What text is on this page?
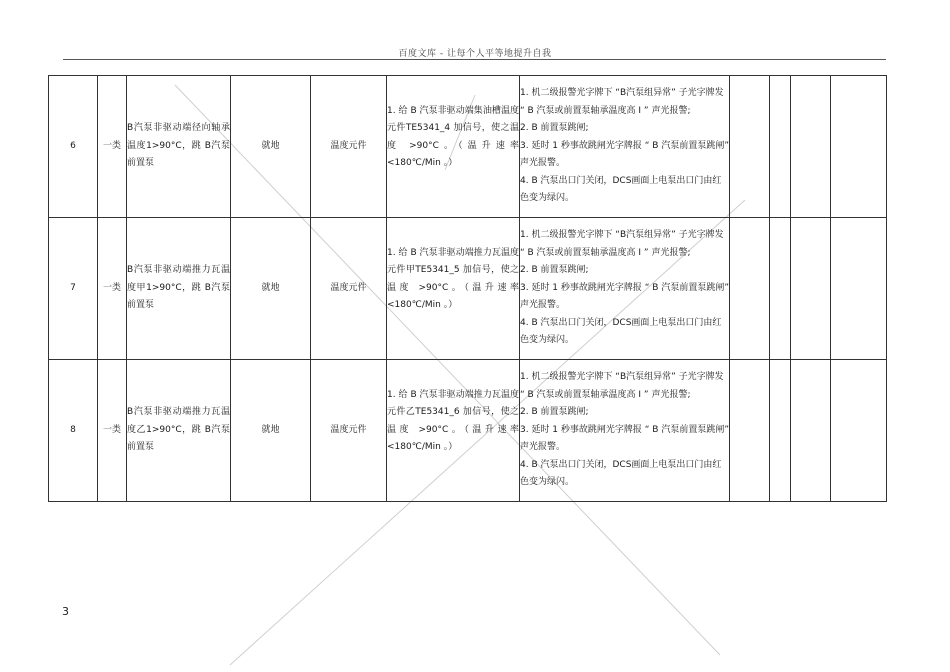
百度文库 - 让每个人平等地提升自我
6	一类	B汽泵非驱动端径向轴承温度1>90°C，跳 B汽泵前置泵	就地	温度元件	1. 给 B 汽泵非驱动端集油槽温度元件TE5341_4 加信号，使之温度 >90°C。（温升速率<180℃/Min 。）	1. 机二级报警光字牌下 “B汽泵组异常” 子光字牌发 “ B 汽泵或前置泵轴承温度高 I ” 声光报警;
2. B 前置泵跳闸;
3. 延时 1 秒事故跳闸光字牌报 “ B 汽泵前置泵跳闸” 声光报警。
4. B 汽泵出口门关闭，DCS画面上电泵出口门由红色变为绿闪。				

7	一类	B汽泵非驱动端推力瓦温度甲1>90°C，跳 B汽泵前置泵	就地	温度元件	1. 给 B 汽泵非驱动端推力瓦温度元件甲TE5341_5 加信号，使之温度 >90°C。（温升速率<180℃/Min 。）	1. 机二级报警光字牌下 “B汽泵组异常” 子光字牌发 “ B 汽泵或前置泵轴承温度高 I ” 声光报警;
2. B 前置泵跳闸;
3. 延时 1 秒事故跳闸光字牌报 “ B 汽泵前置泵跳闸” 声光报警。
4. B 汽泵出口门关闭，DCS画面上电泵出口门由红色变为绿闪。				

8	一类	B汽泵非驱动端推力瓦温度乙1>90°C，跳 B汽泵前置泵	就地	温度元件	1. 给 B 汽泵非驱动端推力瓦温度元件乙TE5341_6 加信号，使之温度 >90°C。（温升速率<180℃/Min 。）	1. 机二级报警光字牌下 “B汽泵组异常” 子光字牌发 “ B 汽泵或前置泵轴承温度高 I ” 声光报警;
2. B 前置泵跳闸;
3. 延时 1 秒事故跳闸光字牌报 “ B 汽泵前置泵跳闸” 声光报警。
4. B 汽泵出口门关闭，DCS画面上电泵出口门由红色变为绿闪。				

3
